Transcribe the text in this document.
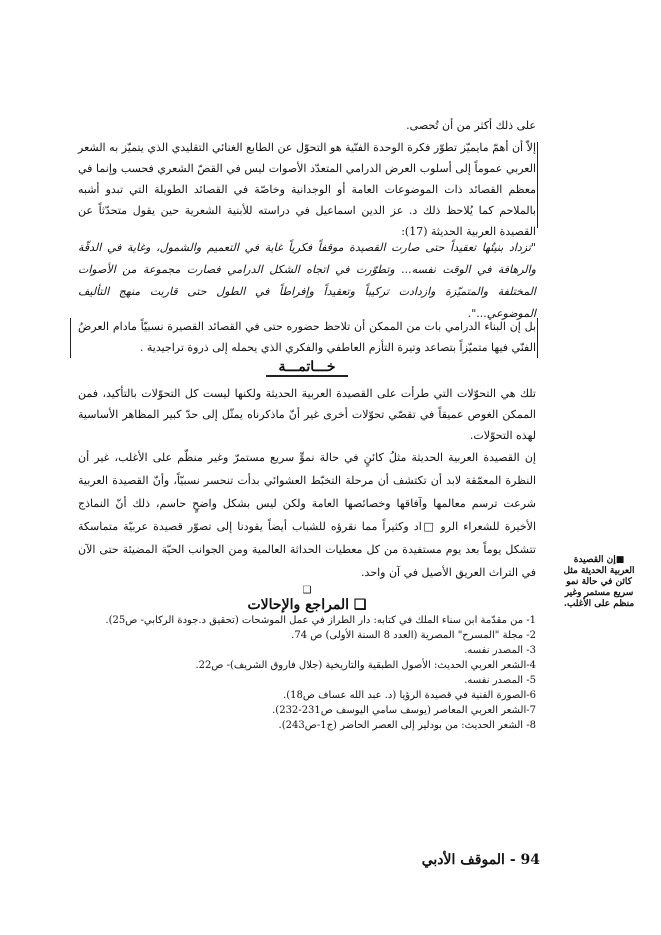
على ذلك أكثر من أن تُحصى.

إلاّ أن أهمّ مايميّز تطوّر فكرة الوحدة الفنّية هو التحوّل عن الطابع الغنائي التقليدي الذي يتميّز به الشعر العربي عموماً إلى أسلوب العرض الدرامي المتعدّد الأصوات ليس في القصّ الشعري فحسب وإنما في معظم القصائد ذات الموضوعات العامة أو الوجدانية وخاصّة في القصائد الطويلة التي تبدو أشبه بالملاحم كما يُلاحظ ذلك د. عز الدين اسماعيل في دراسته للأبنية الشعرية حين يقول متحدّثاً عن القصيدة العربية الحديثة (17):

"تزداد بنيتُها تعقيداً حتى صارت القصيدة موقفاً فكرياً غاية في التعميم والشمول، وغاية في الدقّة والرهافة في الوقت نفسه... وتطوّرت في اتجاه الشكل الدرامي فصارت مجموعة من الأصوات المختلفة والمتميّزة وازدادت تركيباً وتعقيداً وإفراطاً في الطول حتى قاربت منهج التأليف الموضوعي...".

بل إن البناء الدرامي بات من الممكن أن تلاحظ حضوره حتى في القصائد القصيرة نسبيّاً مادام العرضُ الفنّي فيها متميّزاً بتصاعد وتيرة التأزم العاطفي والفكري الذي يحمله إلى ذروة تراجيدية .

خـــاتمـــة

تلك هي التحوّلات التي طرأت على القصيدة العربية الحديثة ولكنها ليست كل التحوّلات بالتأكيد، فمن الممكن الغوص عميقاً في تقصّي تحوّلات أخرى غير أنّ ماذكرناه يمثّل إلى حدّ كبير المظاهر الأساسية لهذه التحوّلات.

إن القصيدة العربية الحديثة مثلُ كائنٍ في حالة نموٍّ سريع مستمرّ وغير منظّم على الأغلب، غير أن النظرة المعمّقة لابد أن تكتشف أن مرحلة التخبّط العشوائي بدأت تنحسر نسبيّاً، وأنّ القصيدة العربية شرعت ترسم معالمها وآفاقها وخصائصها العامة ولكن ليس بشكل واضحٍ حاسم، ذلك أنّ النماذج الأخيرة للشعراء الرو □اد وكثيراً مما نقرؤه للشباب أيضاً يقودنا إلى تصوّر قصيدة عربيّة متماسكة تتشكل يوماً بعد يوم مستفيدة من كل معطيات الحداثة العالمية ومن الجوانب الحيّة المضيئة حتى الآن في التراث العريق الأصيل في آن واحد.

❑
❑ المراجع والإحالات
1- من مقدّمة ابن سناء الملك في كتابه: دار الطراز في عمل الموشحات (تحقيق د.جودة الركابي- ص25).
2- مجلة "المسرح" المصرية (العدد 8 السنة الأولى) ص 74.
3- المصدر نفسه.
4-الشعر العربي الحديث: الأصول الطبقية والتاريخية (جلال فاروق الشريف)- ص22.
5- المصدر نفسه.
6-الصورة الفنية في قصيدة الرؤيا (د. عبد الله عساف ص18).
7-الشعر العربي المعاصر (يوسف سامي اليوسف ص231-232).
8- الشعر الحديث: من بودلير إلى العصر الحاضر (ج1-ص243).
■إن القصيدة العربية الحديثة مثل كائن في حالة نمو سريع مستمر وغير منظم على الأغلب.
94 - الموقف الأدبي
